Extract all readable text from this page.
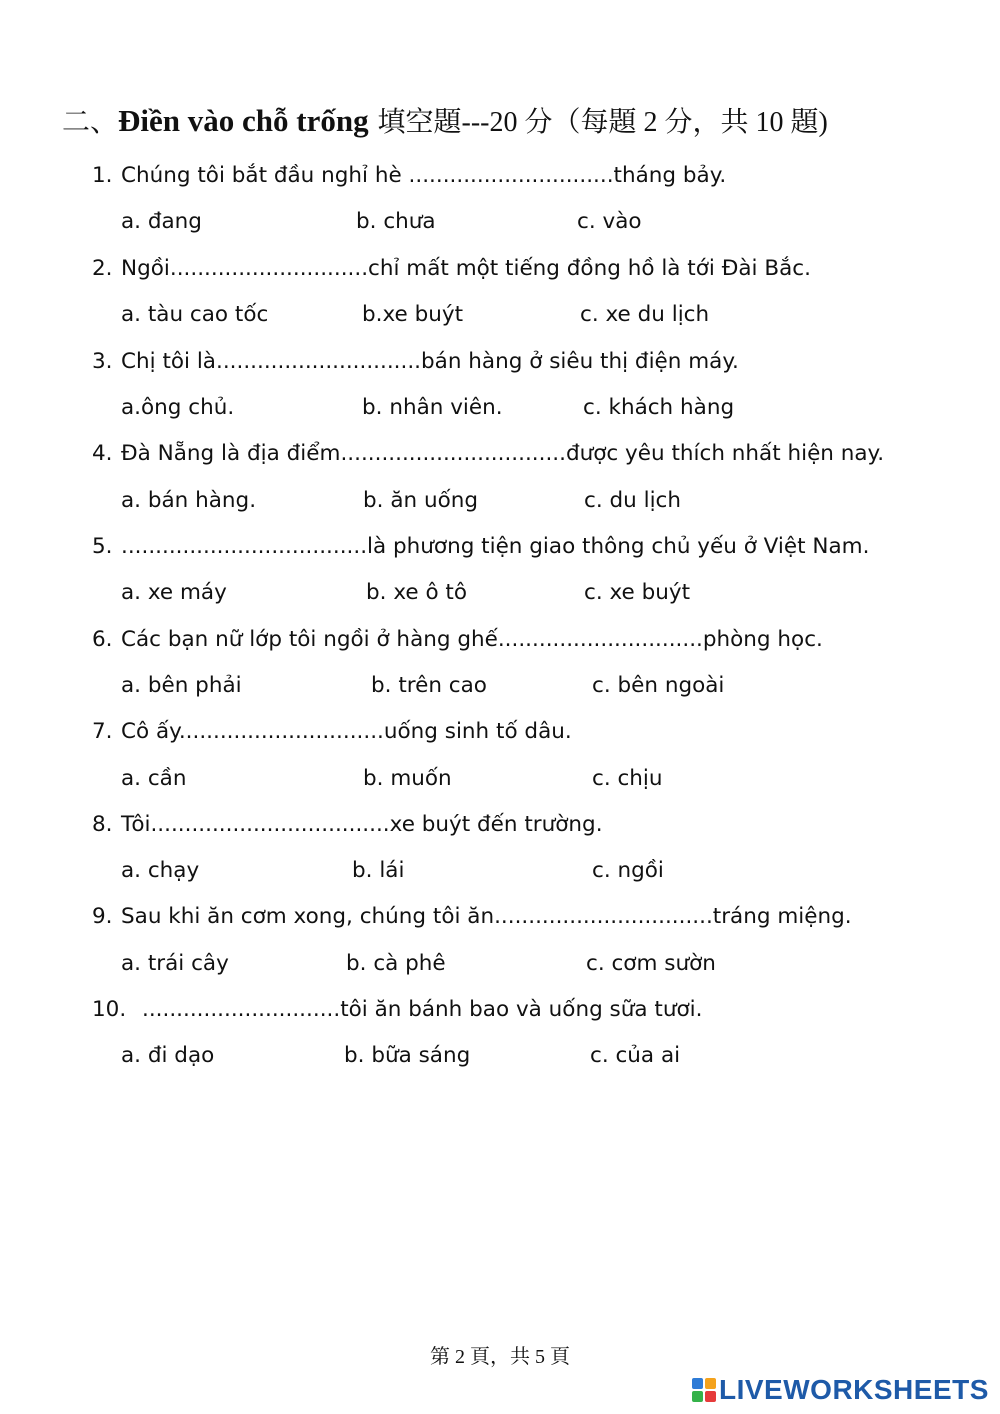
二、Điền vào chỗ trống 填空題---20 分（每題 2 分，共 10 題)
1. Chúng tôi bắt đầu nghỉ hè ..............................tháng bảy.
a. đang	b. chưa	c. vào
2. Ngồi.............................chỉ mất một tiếng đồng hồ là tới Đài Bắc.
a. tàu cao tốc	b.xe buýt	c. xe du lịch
3. Chị tôi là..............................bán hàng ở siêu thị điện máy.
a.ông chủ.	b. nhân viên.	c. khách hàng
4. Đà Nẵng là địa điểm.................................được yêu thích nhất hiện nay.
a. bán hàng.	b. ăn uống	c. du lịch
5. ....................................là phương tiện giao thông chủ yếu ở Việt Nam.
a. xe máy	b. xe ô tô	c. xe buýt
6. Các bạn nữ lớp tôi ngồi ở hàng ghế..............................phòng học.
a. bên phải	b. trên cao	c. bên ngoài
7. Cô ấy..............................uống sinh tố dâu.
a. cần	b. muốn	c. chịu
8. Tôi...................................xe buýt đến trường.
a. chạy	b. lái	c. ngồi
9. Sau khi ăn cơm xong, chúng tôi ăn................................tráng miệng.
a. trái cây	b. cà phê	c. cơm sườn
10. .............................tôi ăn bánh bao và uống sữa tươi.
a. đi dạo	b. bữa sáng	c. của ai
第 2 頁，共 5 頁
LIVEWORKSHEETS
